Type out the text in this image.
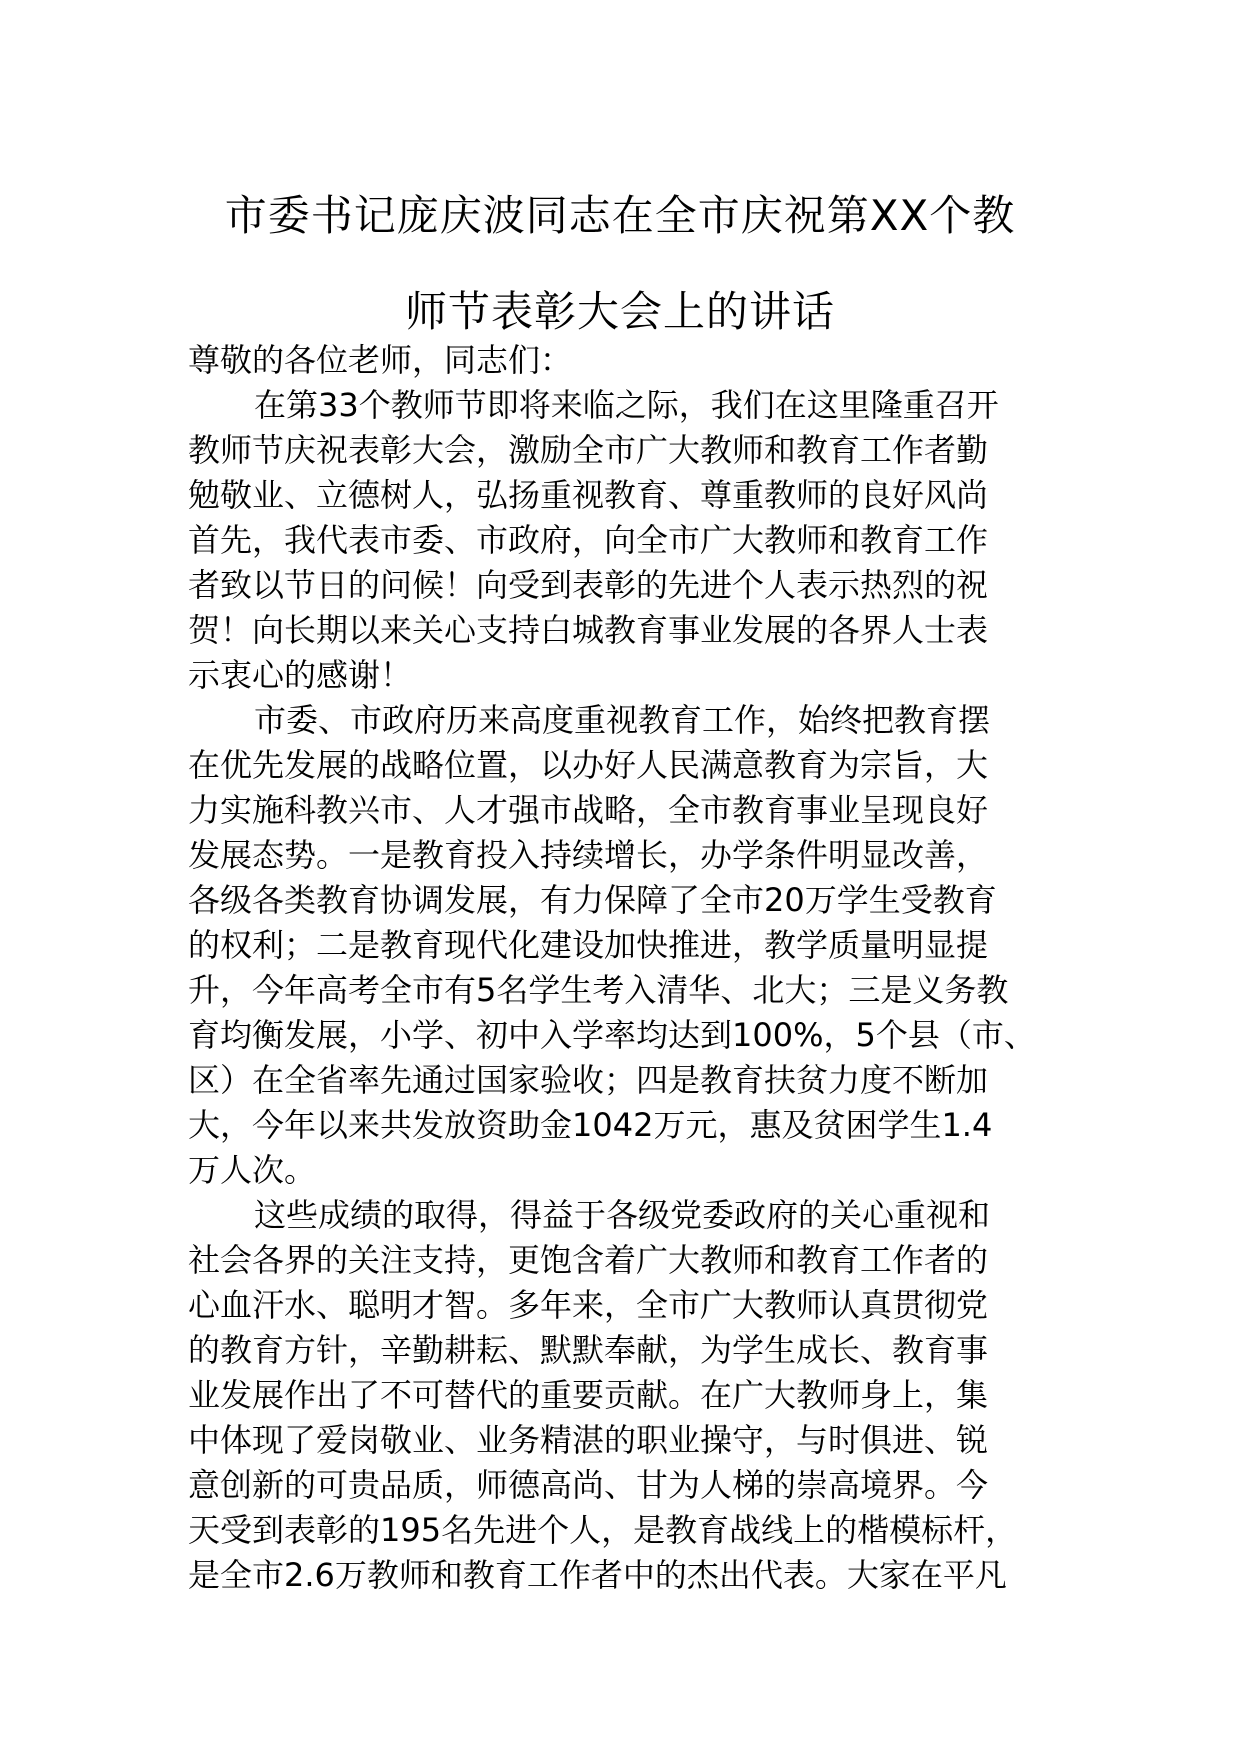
市委书记庞庆波同志在全市庆祝第XX个教

师节表彰大会上的讲话

尊敬的各位老师，同志们：

在第33个教师节即将来临之际，我们在这里隆重召开

教师节庆祝表彰大会，激励全市广大教师和教育工作者勤

勉敬业、立德树人，弘扬重视教育、尊重教师的良好风尚

首先，我代表市委、市政府，向全市广大教师和教育工作

者致以节日的问候！向受到表彰的先进个人表示热烈的祝

贺！向长期以来关心支持白城教育事业发展的各界人士表

示衷心的感谢！

市委、市政府历来高度重视教育工作，始终把教育摆

在优先发展的战略位置，以办好人民满意教育为宗旨，大

力实施科教兴市、人才强市战略，全市教育事业呈现良好

发展态势。一是教育投入持续增长，办学条件明显改善，

各级各类教育协调发展，有力保障了全市20万学生受教育

的权利；二是教育现代化建设加快推进，教学质量明显提

升，今年高考全市有5名学生考入清华、北大；三是义务教

育均衡发展，小学、初中入学率均达到100%，5个县（市、

区）在全省率先通过国家验收；四是教育扶贫力度不断加

大，今年以来共发放资助金1042万元，惠及贫困学生1.4

万人次。

这些成绩的取得，得益于各级党委政府的关心重视和

社会各界的关注支持，更饱含着广大教师和教育工作者的

心血汗水、聪明才智。多年来，全市广大教师认真贯彻党

的教育方针，辛勤耕耘、默默奉献，为学生成长、教育事

业发展作出了不可替代的重要贡献。在广大教师身上，集

中体现了爱岗敬业、业务精湛的职业操守，与时俱进、锐

意创新的可贵品质，师德高尚、甘为人梯的崇高境界。今

天受到表彰的195名先进个人，是教育战线上的楷模标杆，

是全市2.6万教师和教育工作者中的杰出代表。大家在平凡
